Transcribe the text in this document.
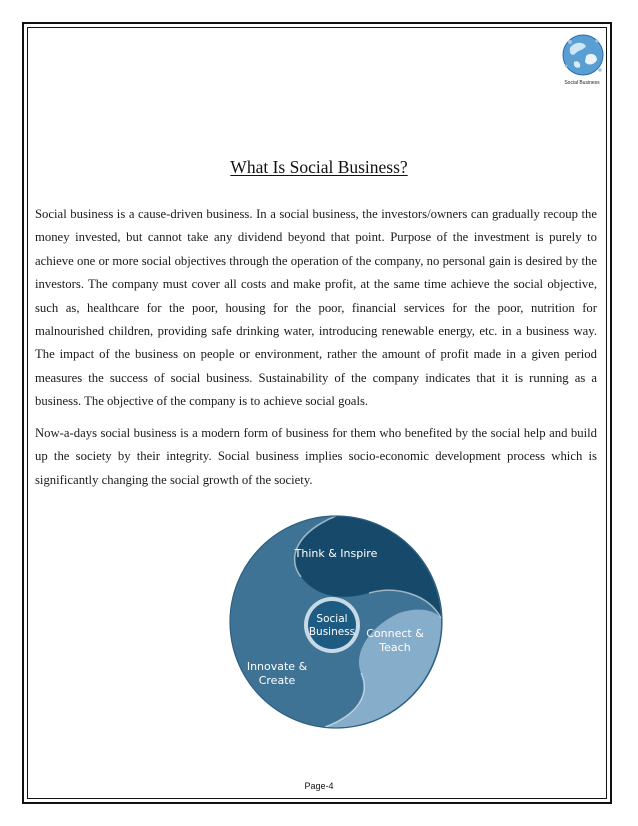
Social Business
What Is Social Business?

Social business is a cause-driven business. In a social business, the investors/owners can gradually recoup the money invested, but cannot take any dividend beyond that point. Purpose of the investment is purely to achieve one or more social objectives through the operation of the company, no personal gain is desired by the investors. The company must cover all costs and make profit, at the same time achieve the social objective, such as, healthcare for the poor, housing for the poor, financial services for the poor, nutrition for malnourished children, providing safe drinking water, introducing renewable energy, etc. in a business way. The impact of the business on people or environment, rather the amount of profit made in a given period measures the success of social business. Sustainability of the company indicates that it is running as a business. The objective of the company is to achieve social goals.

Now-a-days social business is a modern form of business for them who benefited by the social help and build up the society by their integrity. Social business implies socio-economic development process which is significantly changing the social growth of the society.

Social
Business
Think & Inspire
Connect &
Teach
Innovate &
Create
Page-4
